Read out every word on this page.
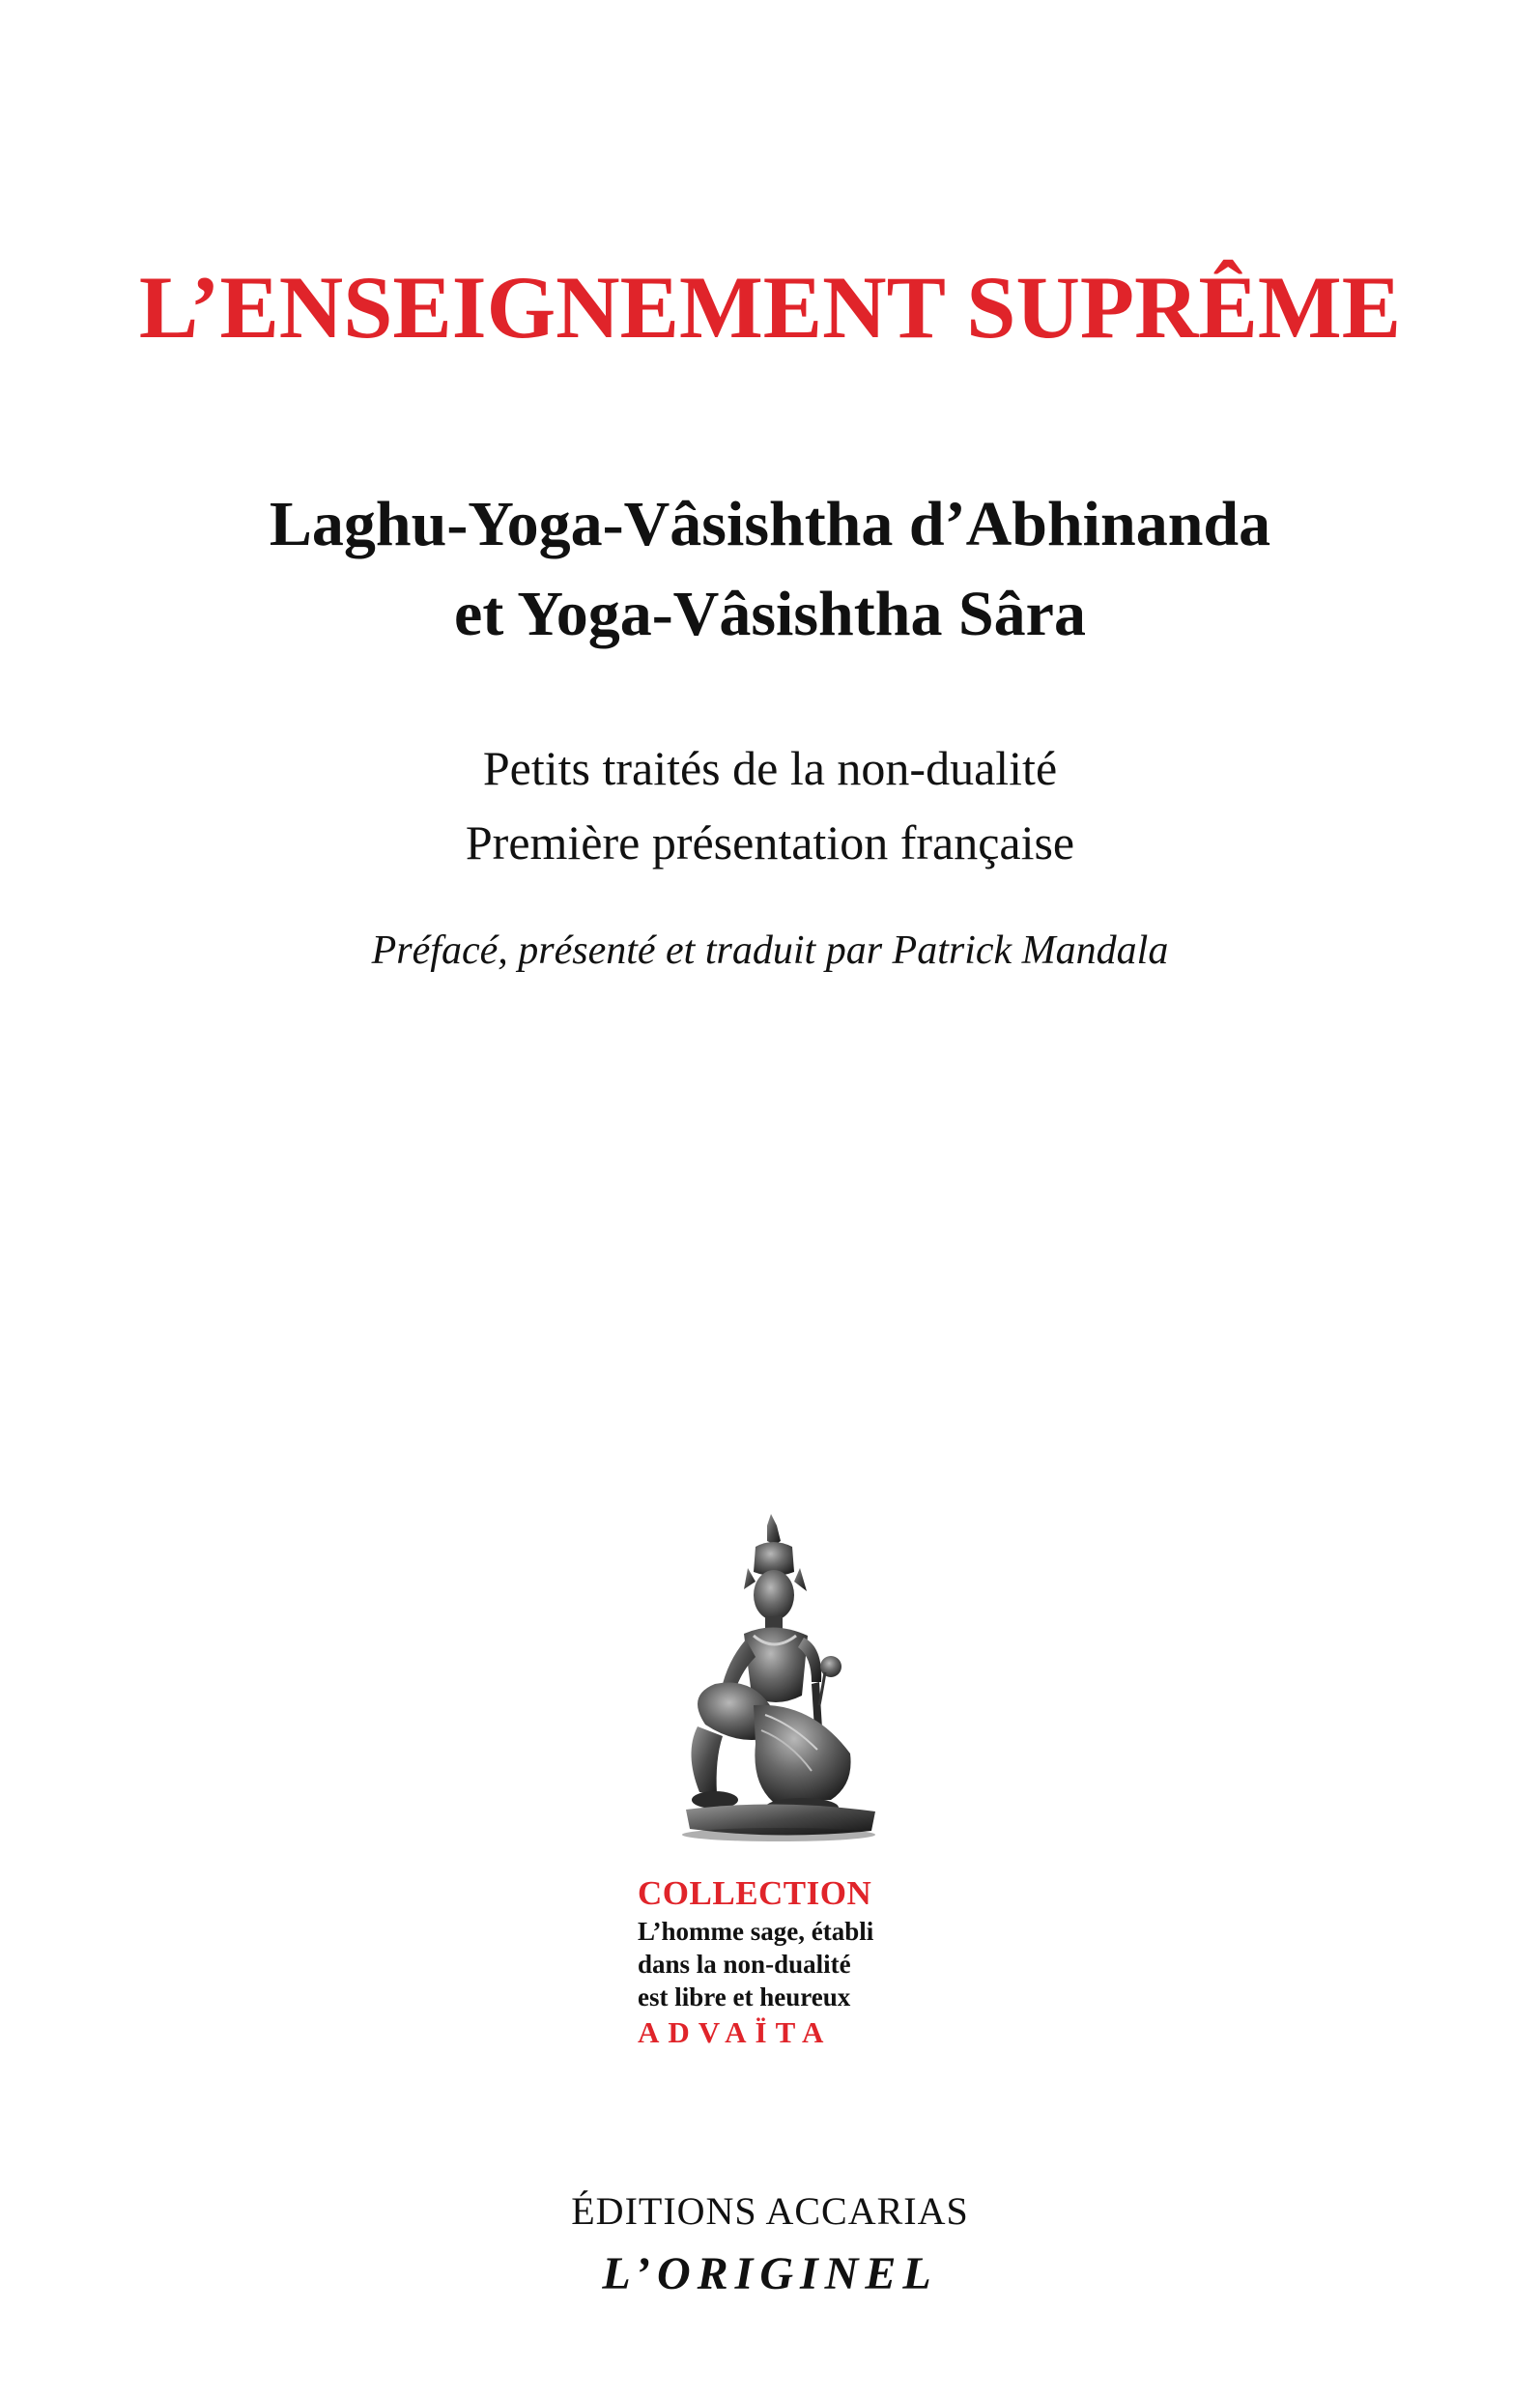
L’ENSEIGNEMENT SUPRÊME
Laghu-Yoga-Vâsishtha d’Abhinanda
et Yoga-Vâsishtha Sâra
Petits traités de la non-dualité
Première présentation française
Préfacé, présenté et traduit par Patrick Mandala
COLLECTION
L’homme sage, établi
dans la non-dualité
est libre et heureux
ADVAÏTA
ÉDITIONS ACCARIAS
L’ORIGINEL
